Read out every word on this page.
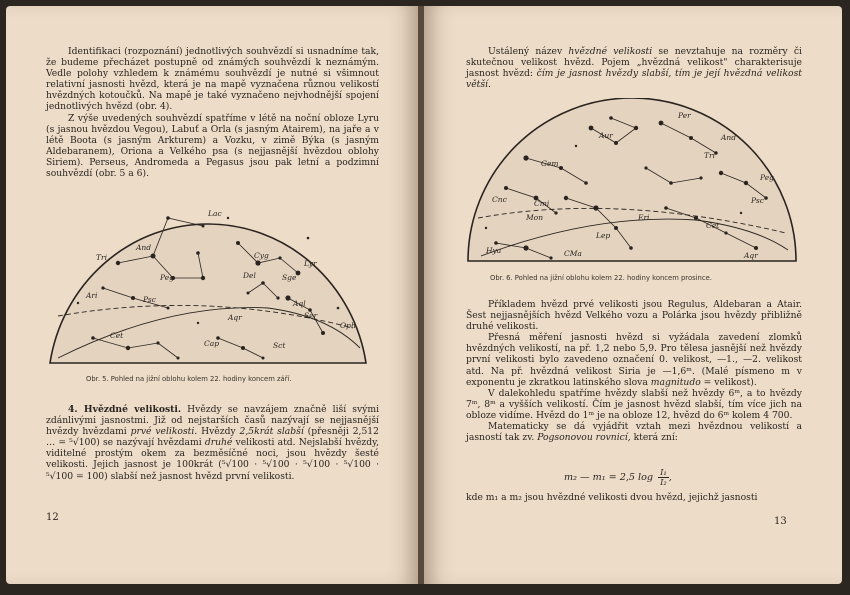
Identifikaci (rozpoznání) jednotlivých souhvězdí si usnadníme tak, že budeme přecházet postupně od známých souhvězdí k neznámým. Vedle polohy vzhledem k známému souhvězdí je nutné si všimnout relativní jasnosti hvězd, která je na mapě vyznačena různou velikostí hvězdných kotoučků. Na mapě je také vyznačeno nejvhodnější spojení jednotlivých hvězd (obr. 4).

Z výše uvedených souhvězdí spatříme v létě na noční obloze Lyru (s jasnou hvězdou Vegou), Labuť a Orla (s jasným Atairem), na jaře a v létě Boota (s jasným Arkturem) a Vozku, v zimě Býka (s jasným Aldebaranem), Oriona a Velkého psa (s nejjasnější hvězdou oblohy Siriem). Perseus, Andromeda a Pegasus jsou pak letní a podzimní souhvězdí (obr. 5 a 6).

Lac
And
Tri
Peg
Cyg
Lyr
Del	Sge
Ari	Psc	Aql
Ser
Aqr
Oph
Cet
Cap	Sct
Obr. 5. Pohled na jižní oblohu kolem 22. hodiny koncem září.

4. Hvězdné velikosti. Hvězdy se navzájem značně liší svými zdánlivými jasnostmi. Již od nejstarších časů nazývají se nejjasnější hvězdy hvězdami prvé velikosti. Hvězdy 2,5krát slabší (přesněji 2,512 … = ⁵√100) se nazývají hvězdami druhé velikosti atd. Nejslabší hvězdy, viditelné prostým okem za bezměsíčné noci, jsou hvězdy šesté velikosti. Jejich jasnost je 100krát (⁵√100 · ⁵√100 · ⁵√100 · ⁵√100 · ⁵√100 = 100) slabší než jasnost hvězd první velikosti.

12

Ustálený název hvězdné velikosti se nevztahuje na rozměry či skutečnou velikost hvězd. Pojem „hvězdná velikost" charakterisuje jasnost hvězd: čím je jasnost hvězdy slabší, tím je její hvězdná velikost větší.

Per
Aur	And
Tri
Gem
Peg
Cnc	Cmi	Psc
Mon	Eri
Cet
Lep
Hya	CMa	Aqr
Obr. 6. Pohled na jižní oblohu kolem 22. hodiny koncem prosince.

Příkladem hvězd prvé velikosti jsou Regulus, Aldebaran a Atair. Šest nejjasnějších hvězd Velkého vozu a Polárka jsou hvězdy přibližně druhé velikosti.

Přesná měření jasnosti hvězd si vyžádala zavedení zlomků hvězdných velikostí, na př. 1,2 nebo 5,9. Pro tělesa jasnější než hvězdy první velikosti bylo zavedeno označení 0. velikost, —1., —2. velikost atd. Na př. hvězdná velikost Siria je —1,6ᵐ. (Malé písmeno m v exponentu je zkratkou latinského slova magnitudo = velikost).

V dalekohledu spatříme hvězdy slabší než hvězdy 6ᵐ, a to hvězdy 7ᵐ, 8ᵐ a vyšších velikostí. Čím je jasnost hvězd slabší, tím více jich na obloze vidíme. Hvězd do 1ᵐ je na obloze 12, hvězd do 6ᵐ kolem 4 700.

Matematicky se dá vyjádřit vztah mezi hvězdnou velikostí a jasností tak zv. Pogsonovou rovnicí, která zní:

m₂ — m₁ = 2,5 $\log \frac{\text{I₁}}{\text{I₂}}$ ,

kde m₁ a m₂ jsou hvězdné velikosti dvou hvězd, jejichž jasnosti

13
